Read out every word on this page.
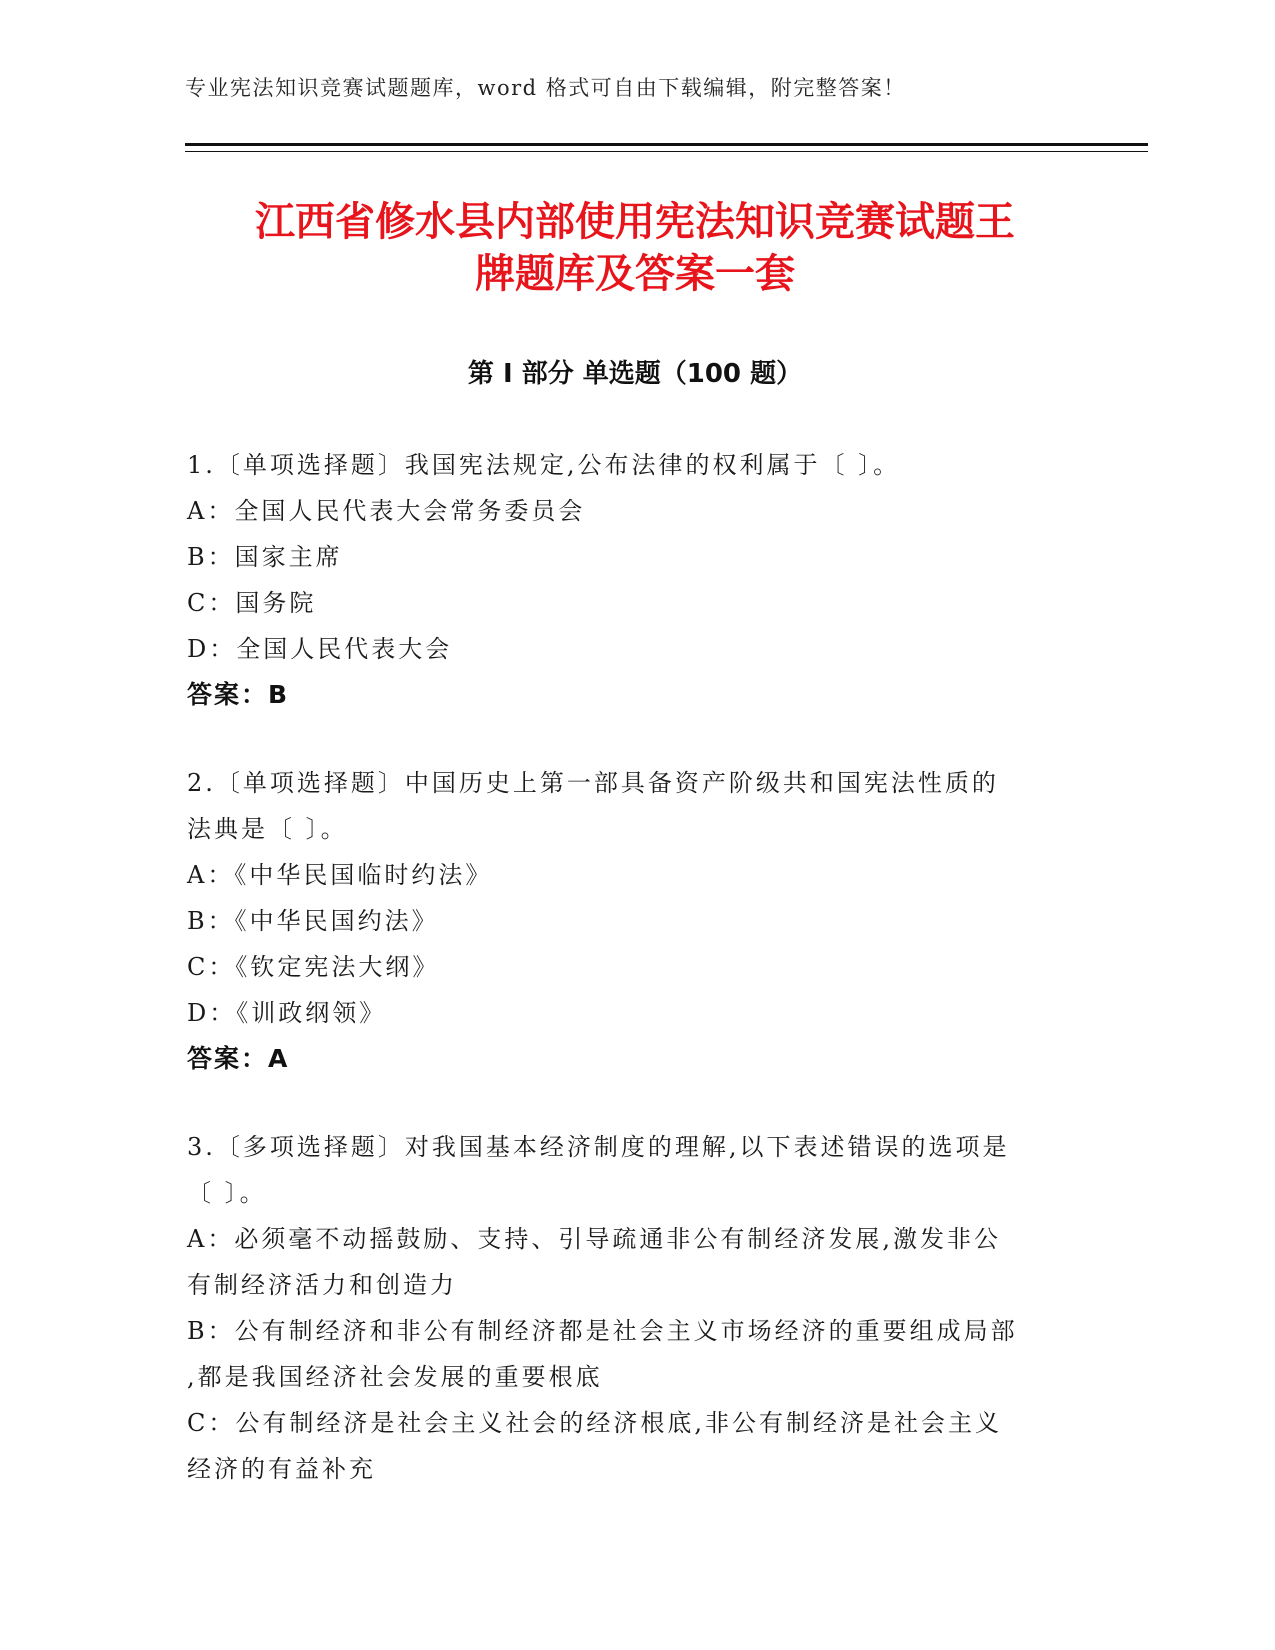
专业宪法知识竞赛试题题库，word 格式可自由下载编辑，附完整答案！
江西省修水县内部使用宪法知识竞赛试题王
牌题库及答案一套
第 I 部分 单选题（100 题）
1.〔单项选择题〕我国宪法规定,公布法律的权利属于〔 〕。
A：全国人民代表大会常务委员会
B：国家主席
C：国务院
D：全国人民代表大会
答案：B
2.〔单项选择题〕中国历史上第一部具备资产阶级共和国宪法性质的
法典是〔 〕。
A：《中华民国临时约法》
B：《中华民国约法》
C：《钦定宪法大纲》
D：《训政纲领》
答案：A
3.〔多项选择题〕对我国基本经济制度的理解,以下表述错误的选项是
〔 〕。
A：必须毫不动摇鼓励、支持、引导疏通非公有制经济发展,激发非公
有制经济活力和创造力
B：公有制经济和非公有制经济都是社会主义市场经济的重要组成局部
,都是我国经济社会发展的重要根底
C：公有制经济是社会主义社会的经济根底,非公有制经济是社会主义
经济的有益补充
